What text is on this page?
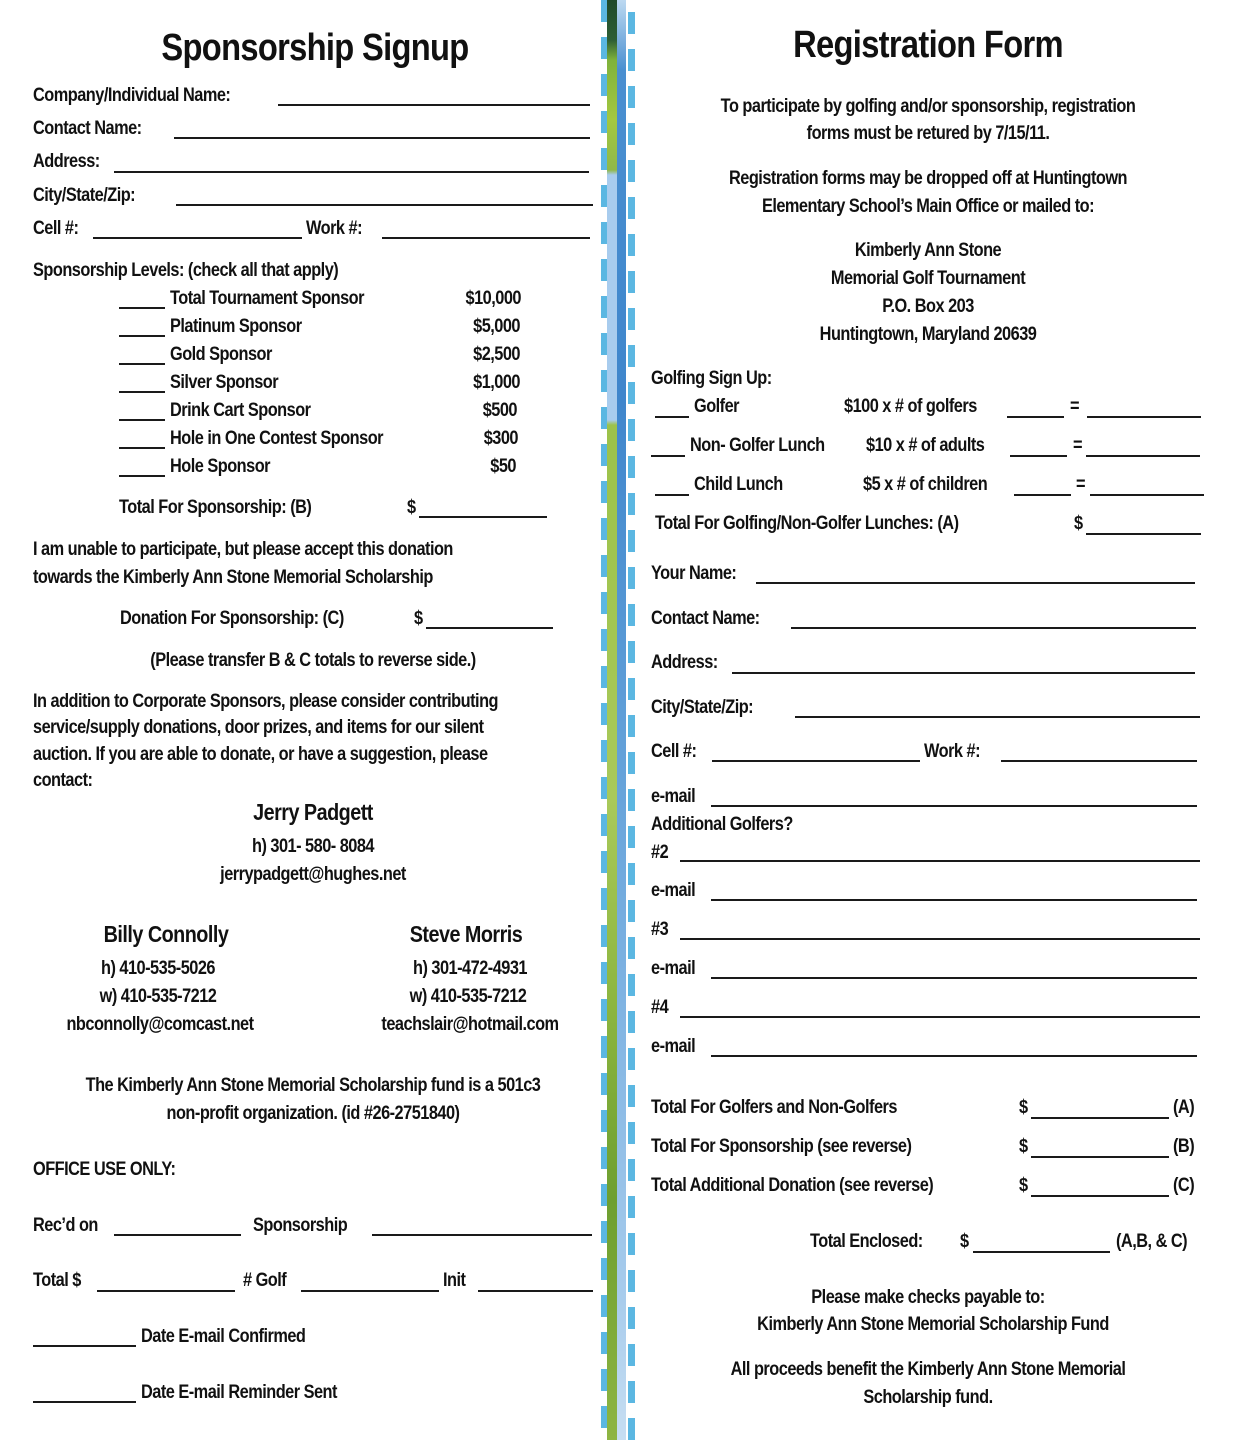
Sponsorship Signup
Company/Individual Name:
Contact Name:
Address:
City/State/Zip:
Cell #:	Work #:
Sponsorship Levels: (check all that apply)
Total Tournament Sponsor	$10,000
Platinum Sponsor	$5,000
Gold Sponsor	$2,500
Silver Sponsor	$1,000
Drink Cart Sponsor	$500
Hole in One Contest Sponsor	$300
Hole Sponsor	$50
Total For Sponsorship: (B)	$
I am unable to participate, but please accept this donation
towards the Kimberly Ann Stone Memorial Scholarship
Donation For Sponsorship: (C)	$
(Please transfer B & C totals to reverse side.)
In addition to Corporate Sponsors, please consider contributing
service/supply donations, door prizes, and items for our silent
auction. If you are able to donate, or have a suggestion, please
contact:
Jerry Padgett
h) 301- 580- 8084
jerrypadgett@hughes.net
Billy Connolly
h) 410-535-5026
w) 410-535-7212
nbconnolly@comcast.net
Steve Morris
h) 301-472-4931
w) 410-535-7212
teachslair@hotmail.com
The Kimberly Ann Stone Memorial Scholarship fund is a 501c3
non-profit organization. (id #26-2751840)
OFFICE USE ONLY:
Rec’d on	Sponsorship
Total $	# Golf	Init
Date E-mail Confirmed
Date E-mail Reminder Sent
Registration Form
To participate by golfing and/or sponsorship, registration
forms must be retured by 7/15/11.
Registration forms may be dropped off at Huntingtown
Elementary School’s Main Office or mailed to:
Kimberly Ann Stone
Memorial Golf Tournament
P.O. Box 203
Huntingtown, Maryland 20639
Golfing Sign Up:
Golfer	$100 x # of golfers	=
Non- Golfer Lunch $10 x # of adults	=
Child Lunch	$5 x # of children	=
Total For Golfing/Non-Golfer Lunches: (A)	$
Your Name:
Contact Name:
Address:
City/State/Zip:
Cell #:	Work #:
e-mail
Additional Golfers?
#2
e-mail
#3
e-mail
#4
e-mail
Total For Golfers and Non-Golfers	$	(A)
Total For Sponsorship (see reverse)	$	(B)
Total Additional Donation (see reverse)	$	(C)
Total Enclosed: $	(A,B, & C)
Please make checks payable to:
Kimberly Ann Stone Memorial Scholarship Fund
All proceeds benefit the Kimberly Ann Stone Memorial
Scholarship fund.
